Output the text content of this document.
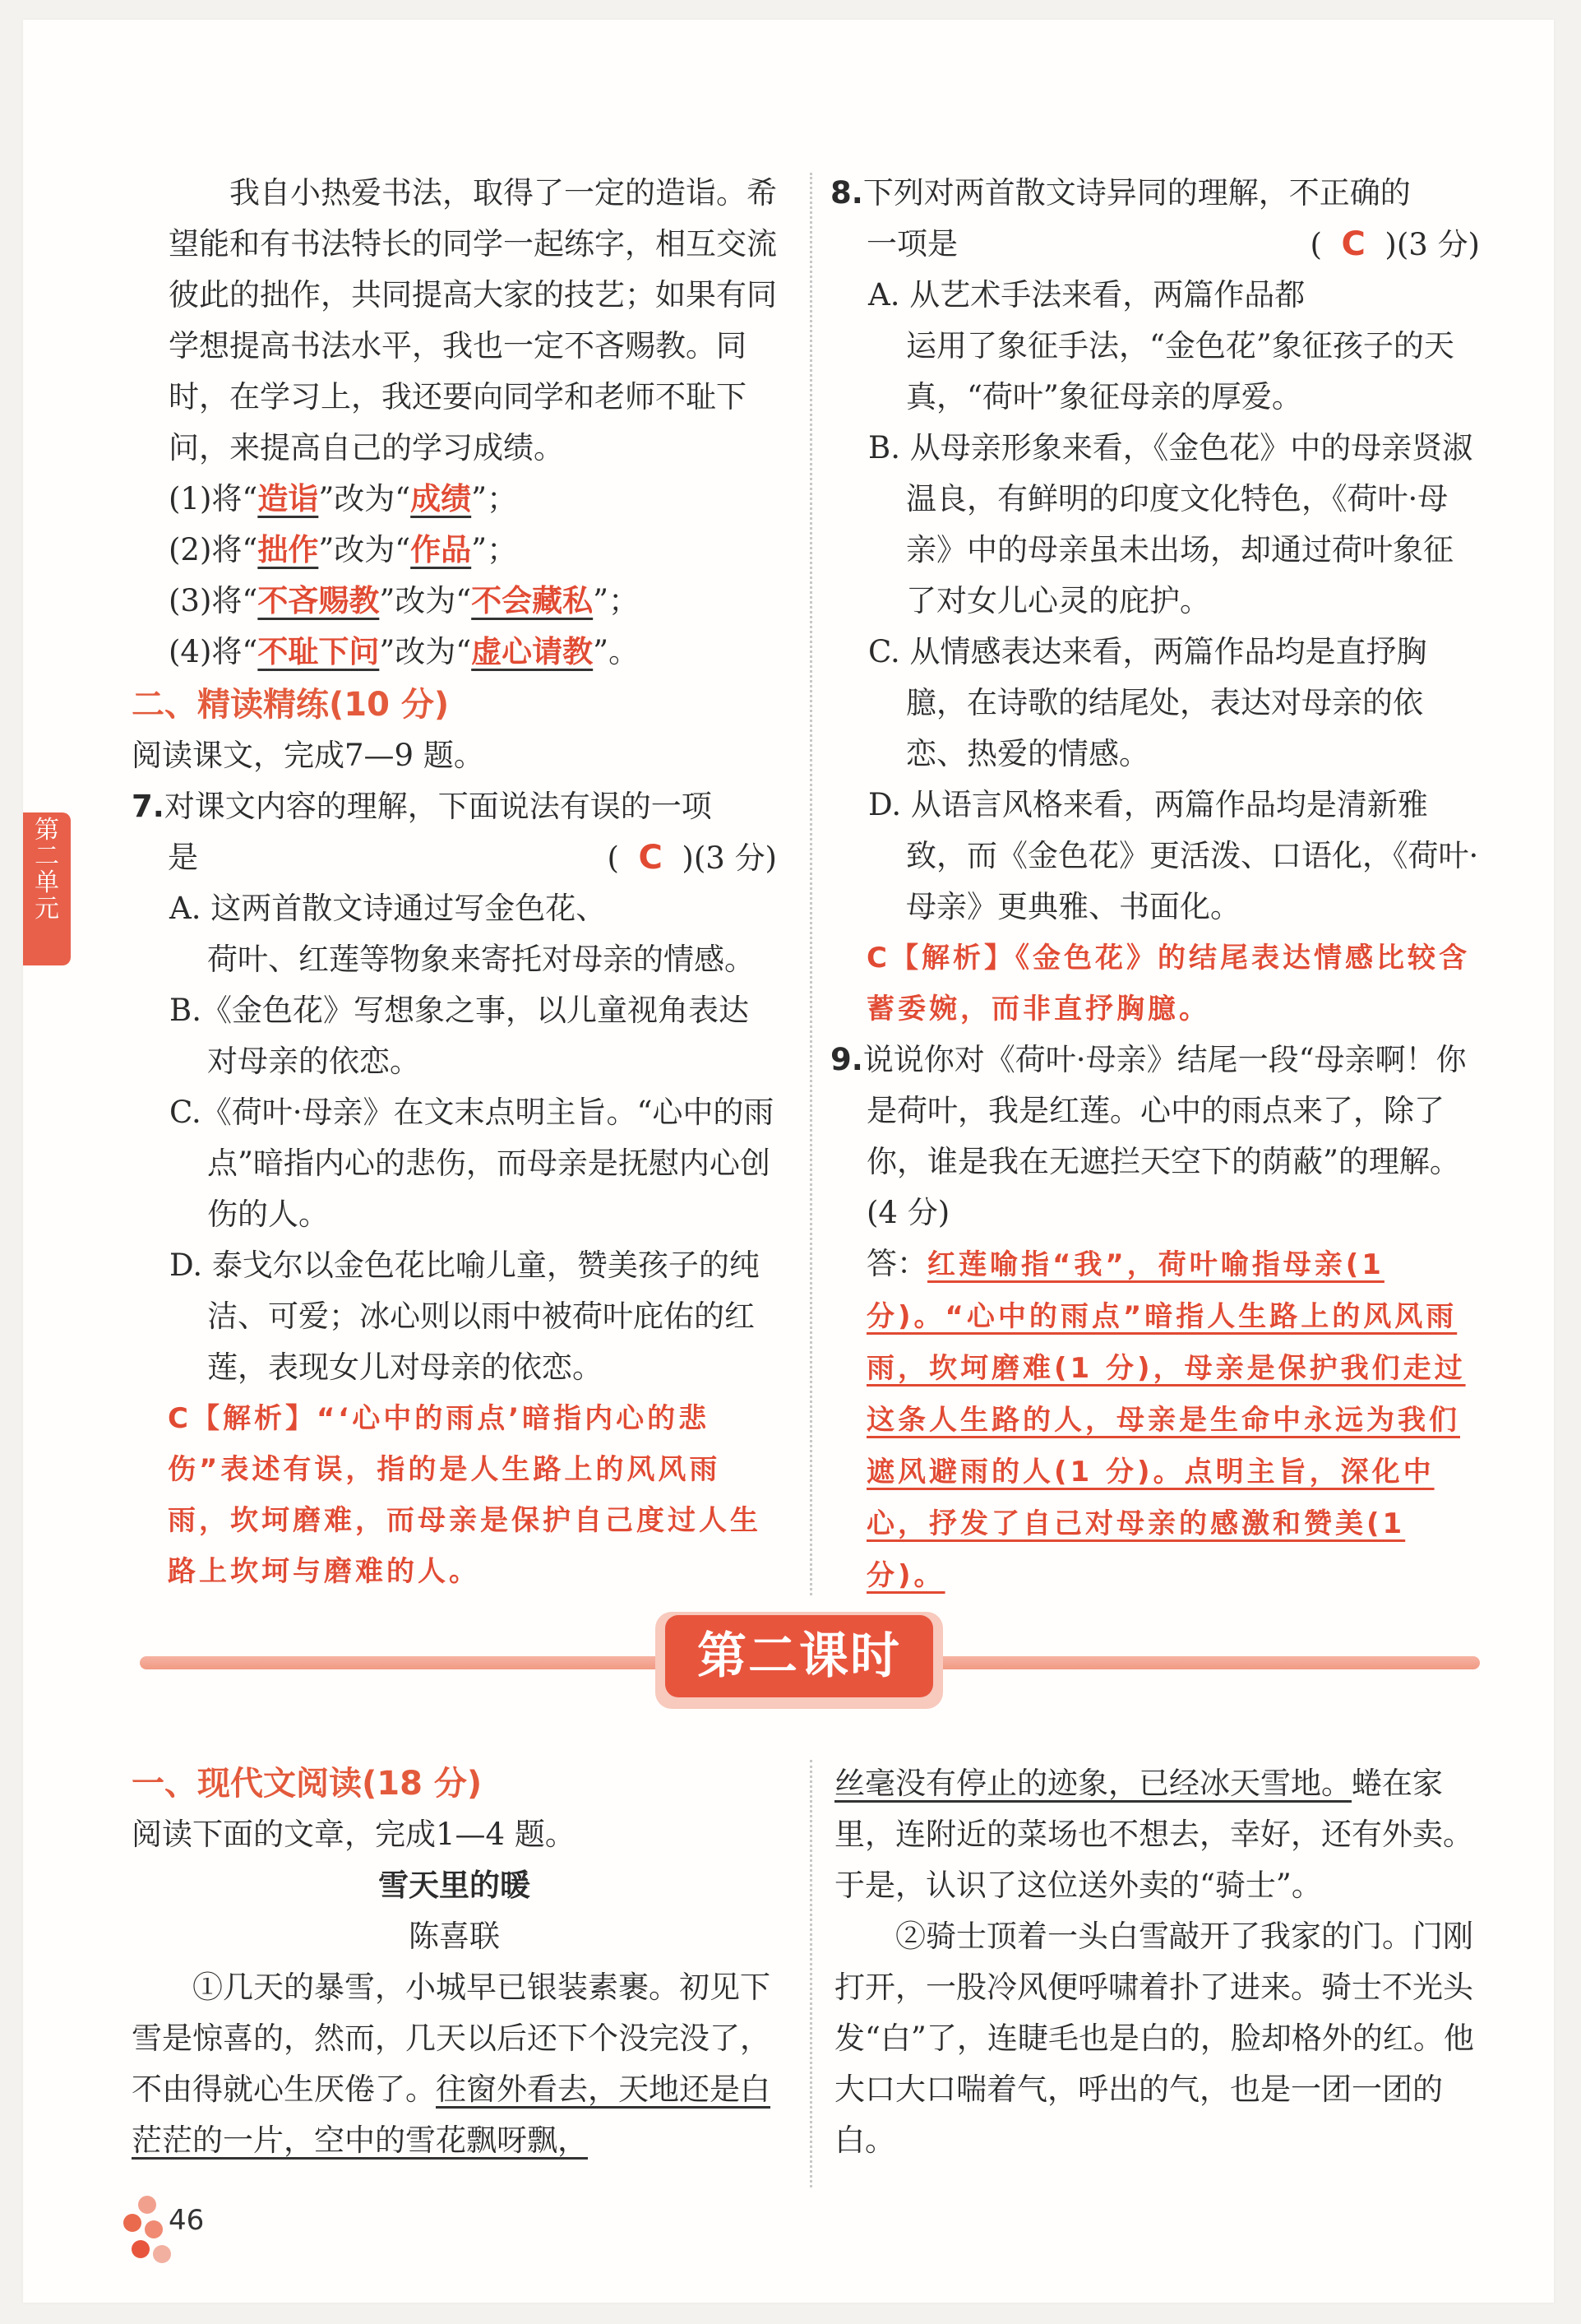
第二单元

我自小热爱书法，取得了一定的造诣。希望能和有书法特长的同学一起练字，相互交流彼此的拙作，共同提高大家的技艺；如果有同学想提高书法水平，我也一定不吝赐教。同时，在学习上，我还要向同学和老师不耻下问，来提高自己的学习成绩。

(1)将“造诣”改为“成绩”；

(2)将“拙作”改为“作品”；

(3)将“不吝赐教”改为“不会藏私”；

(4)将“不耻下问”改为“虚心请教”。

二、精读精练(10 分)

阅读课文，完成7—9 题。

7.对课文内容的理解，下面说法有误的一项

是	( C )(3 分)

A. 这两首散文诗通过写金色花、荷叶、红莲等物象来寄托对母亲的情感。

B.《金色花》写想象之事，以儿童视角表达对母亲的依恋。

C.《荷叶·母亲》在文末点明主旨。“心中的雨点”暗指内心的悲伤，而母亲是抚慰内心创伤的人。

D. 泰戈尔以金色花比喻儿童，赞美孩子的纯洁、可爱；冰心则以雨中被荷叶庇佑的红莲，表现女儿对母亲的依恋。

C【解析】“‘心中的雨点’暗指内心的悲伤”表述有误，指的是人生路上的风风雨雨，坎坷磨难，而母亲是保护自己度过人生路上坎坷与磨难的人。

8.下列对两首散文诗异同的理解，不正确的

一项是	( C )(3 分)

A. 从艺术手法来看，两篇作品都运用了象征手法，“金色花”象征孩子的天真，“荷叶”象征母亲的厚爱。

B. 从母亲形象来看，《金色花》中的母亲贤淑温良，有鲜明的印度文化特色，《荷叶·母亲》中的母亲虽未出场，却通过荷叶象征了对女儿心灵的庇护。

C. 从情感表达来看，两篇作品均是直抒胸臆，在诗歌的结尾处，表达对母亲的依恋、热爱的情感。

D. 从语言风格来看，两篇作品均是清新雅致，而《金色花》更活泼、口语化，《荷叶·母亲》更典雅、书面化。

C【解析】《金色花》的结尾表达情感比较含蓄委婉，而非直抒胸臆。

9.说说你对《荷叶·母亲》结尾一段“母亲啊！你是荷叶，我是红莲。心中的雨点来了，除了你，谁是我在无遮拦天空下的荫蔽”的理解。(4 分)

答：红莲喻指“我”，荷叶喻指母亲(1 分)。“心中的雨点”暗指人生路上的风风雨雨，坎坷磨难(1 分)，母亲是保护我们走过这条人生路的人，母亲是生命中永远为我们遮风避雨的人(1 分)。点明主旨，深化中心，抒发了自己对母亲的感激和赞美(1 分)。

第二课时

一、现代文阅读(18 分)

阅读下面的文章，完成1—4 题。

雪天里的暖

陈喜联

①几天的暴雪，小城早已银装素裹。初见下雪是惊喜的，然而，几天以后还下个没完没了，不由得就心生厌倦了。往窗外看去，天地还是白茫茫的一片，空中的雪花飘呀飘，

丝毫没有停止的迹象，已经冰天雪地。蜷在家里，连附近的菜场也不想去，幸好，还有外卖。于是，认识了这位送外卖的“骑士”。

②骑士顶着一头白雪敲开了我家的门。门刚打开，一股冷风便呼啸着扑了进来。骑士不光头发“白”了，连睫毛也是白的，脸却格外的红。他大口大口喘着气，呼出的气，也是一团一团的白。

46
